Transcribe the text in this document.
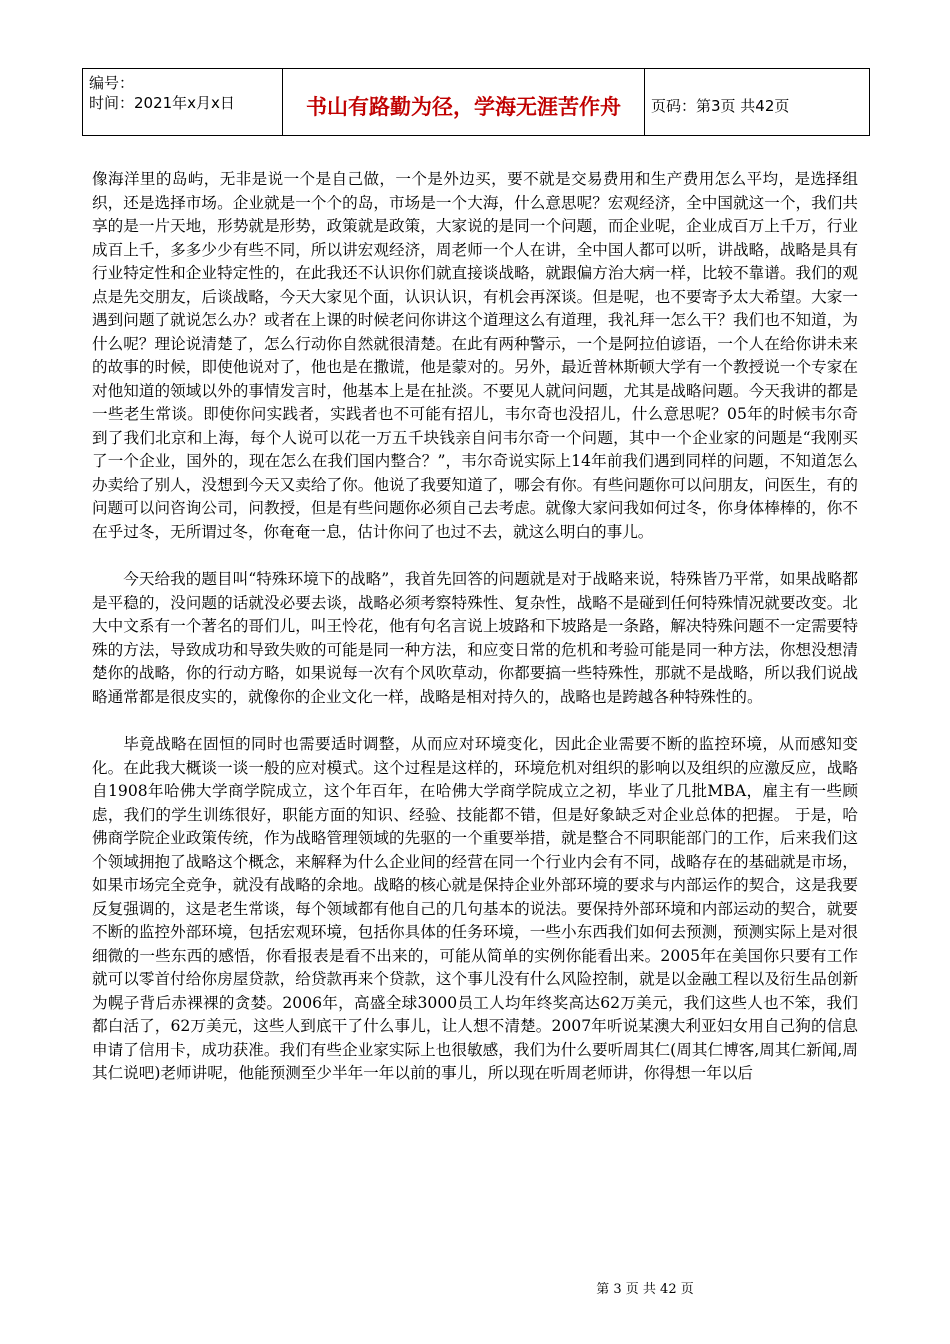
编号：
时间：2021年x月x日	书山有路勤为径，学海无涯苦作舟	页码：第3页 共42页

像海洋里的岛屿，无非是说一个是自己做，一个是外边买，要不就是交易费用和生产费用怎么平均，是选择组织，还是选择市场。企业就是一个个的岛，市场是一个大海，什么意思呢？宏观经济，全中国就这一个，我们共享的是一片天地，形势就是形势，政策就是政策，大家说的是同一个问题，而企业呢，企业成百万上千万，行业成百上千，多多少少有些不同，所以讲宏观经济，周老师一个人在讲，全中国人都可以听，讲战略，战略是具有行业特定性和企业特定性的，在此我还不认识你们就直接谈战略，就跟偏方治大病一样，比较不靠谱。我们的观点是先交朋友，后谈战略，今天大家见个面，认识认识，有机会再深谈。但是呢，也不要寄予太大希望。大家一遇到问题了就说怎么办？或者在上课的时候老问你讲这个道理这么有道理，我礼拜一怎么干？我们也不知道，为什么呢？理论说清楚了，怎么行动你自然就很清楚。在此有两种警示，一个是阿拉伯谚语，一个人在给你讲未来的故事的时候，即使他说对了，他也是在撒谎，他是蒙对的。另外，最近普林斯顿大学有一个教授说一个专家在对他知道的领域以外的事情发言时，他基本上是在扯淡。不要见人就问问题，尤其是战略问题。今天我讲的都是一些老生常谈。即使你问实践者，实践者也不可能有招儿，韦尔奇也没招儿，什么意思呢？05年的时候韦尔奇到了我们北京和上海，每个人说可以花一万五千块钱亲自问韦尔奇一个问题，其中一个企业家的问题是“我刚买了一个企业，国外的，现在怎么在我们国内整合？”，韦尔奇说实际上14年前我们遇到同样的问题，不知道怎么办卖给了别人，没想到今天又卖给了你。他说了我要知道了，哪会有你。有些问题你可以问朋友，问医生，有的问题可以问咨询公司，问教授，但是有些问题你必须自己去考虑。就像大家问我如何过冬，你身体棒棒的，你不在乎过冬，无所谓过冬，你奄奄一息，估计你问了也过不去，就这么明白的事儿。

今天给我的题目叫“特殊环境下的战略”，我首先回答的问题就是对于战略来说，特殊皆乃平常，如果战略都是平稳的，没问题的话就没必要去谈，战略必须考察特殊性、复杂性，战略不是碰到任何特殊情况就要改变。北大中文系有一个著名的哥们儿，叫王怜花，他有句名言说上坡路和下坡路是一条路，解决特殊问题不一定需要特殊的方法，导致成功和导致失败的可能是同一种方法，和应变日常的危机和考验可能是同一种方法，你想没想清楚你的战略，你的行动方略，如果说每一次有个风吹草动，你都要搞一些特殊性，那就不是战略，所以我们说战略通常都是很皮实的，就像你的企业文化一样，战略是相对持久的，战略也是跨越各种特殊性的。

毕竟战略在固恒的同时也需要适时调整，从而应对环境变化，因此企业需要不断的监控环境，从而感知变化。在此我大概谈一谈一般的应对模式。这个过程是这样的，环境危机对组织的影响以及组织的应激反应，战略自1908年哈佛大学商学院成立，这个年百年，在哈佛大学商学院成立之初，毕业了几批MBA，雇主有一些顾虑，我们的学生训练很好，职能方面的知识、经验、技能都不错，但是好象缺乏对企业总体的把握。 于是，哈佛商学院企业政策传统，作为战略管理领域的先驱的一个重要举措，就是整合不同职能部门的工作，后来我们这个领域拥抱了战略这个概念，来解释为什么企业间的经营在同一个行业内会有不同，战略存在的基础就是市场，如果市场完全竞争，就没有战略的余地。战略的核心就是保持企业外部环境的要求与内部运作的契合，这是我要反复强调的，这是老生常谈，每个领域都有他自己的几句基本的说法。要保持外部环境和内部运动的契合，就要不断的监控外部环境，包括宏观环境，包括你具体的任务环境，一些小东西我们如何去预测，预测实际上是对很细微的一些东西的感悟，你看报表是看不出来的，可能从简单的实例你能看出来。2005年在美国你只要有工作就可以零首付给你房屋贷款，给贷款再来个贷款，这个事儿没有什么风险控制，就是以金融工程以及衍生品创新为幌子背后赤裸裸的贪婪。2006年，高盛全球3000员工人均年终奖高达62万美元，我们这些人也不笨，我们都白活了，62万美元，这些人到底干了什么事儿，让人想不清楚。2007年听说某澳大利亚妇女用自己狗的信息申请了信用卡，成功获准。我们有些企业家实际上也很敏感，我们为什么要听周其仁(周其仁博客,周其仁新闻,周其仁说吧)老师讲呢，他能预测至少半年一年以前的事儿，所以现在听周老师讲，你得想一年以后

第 3 页 共 42 页
